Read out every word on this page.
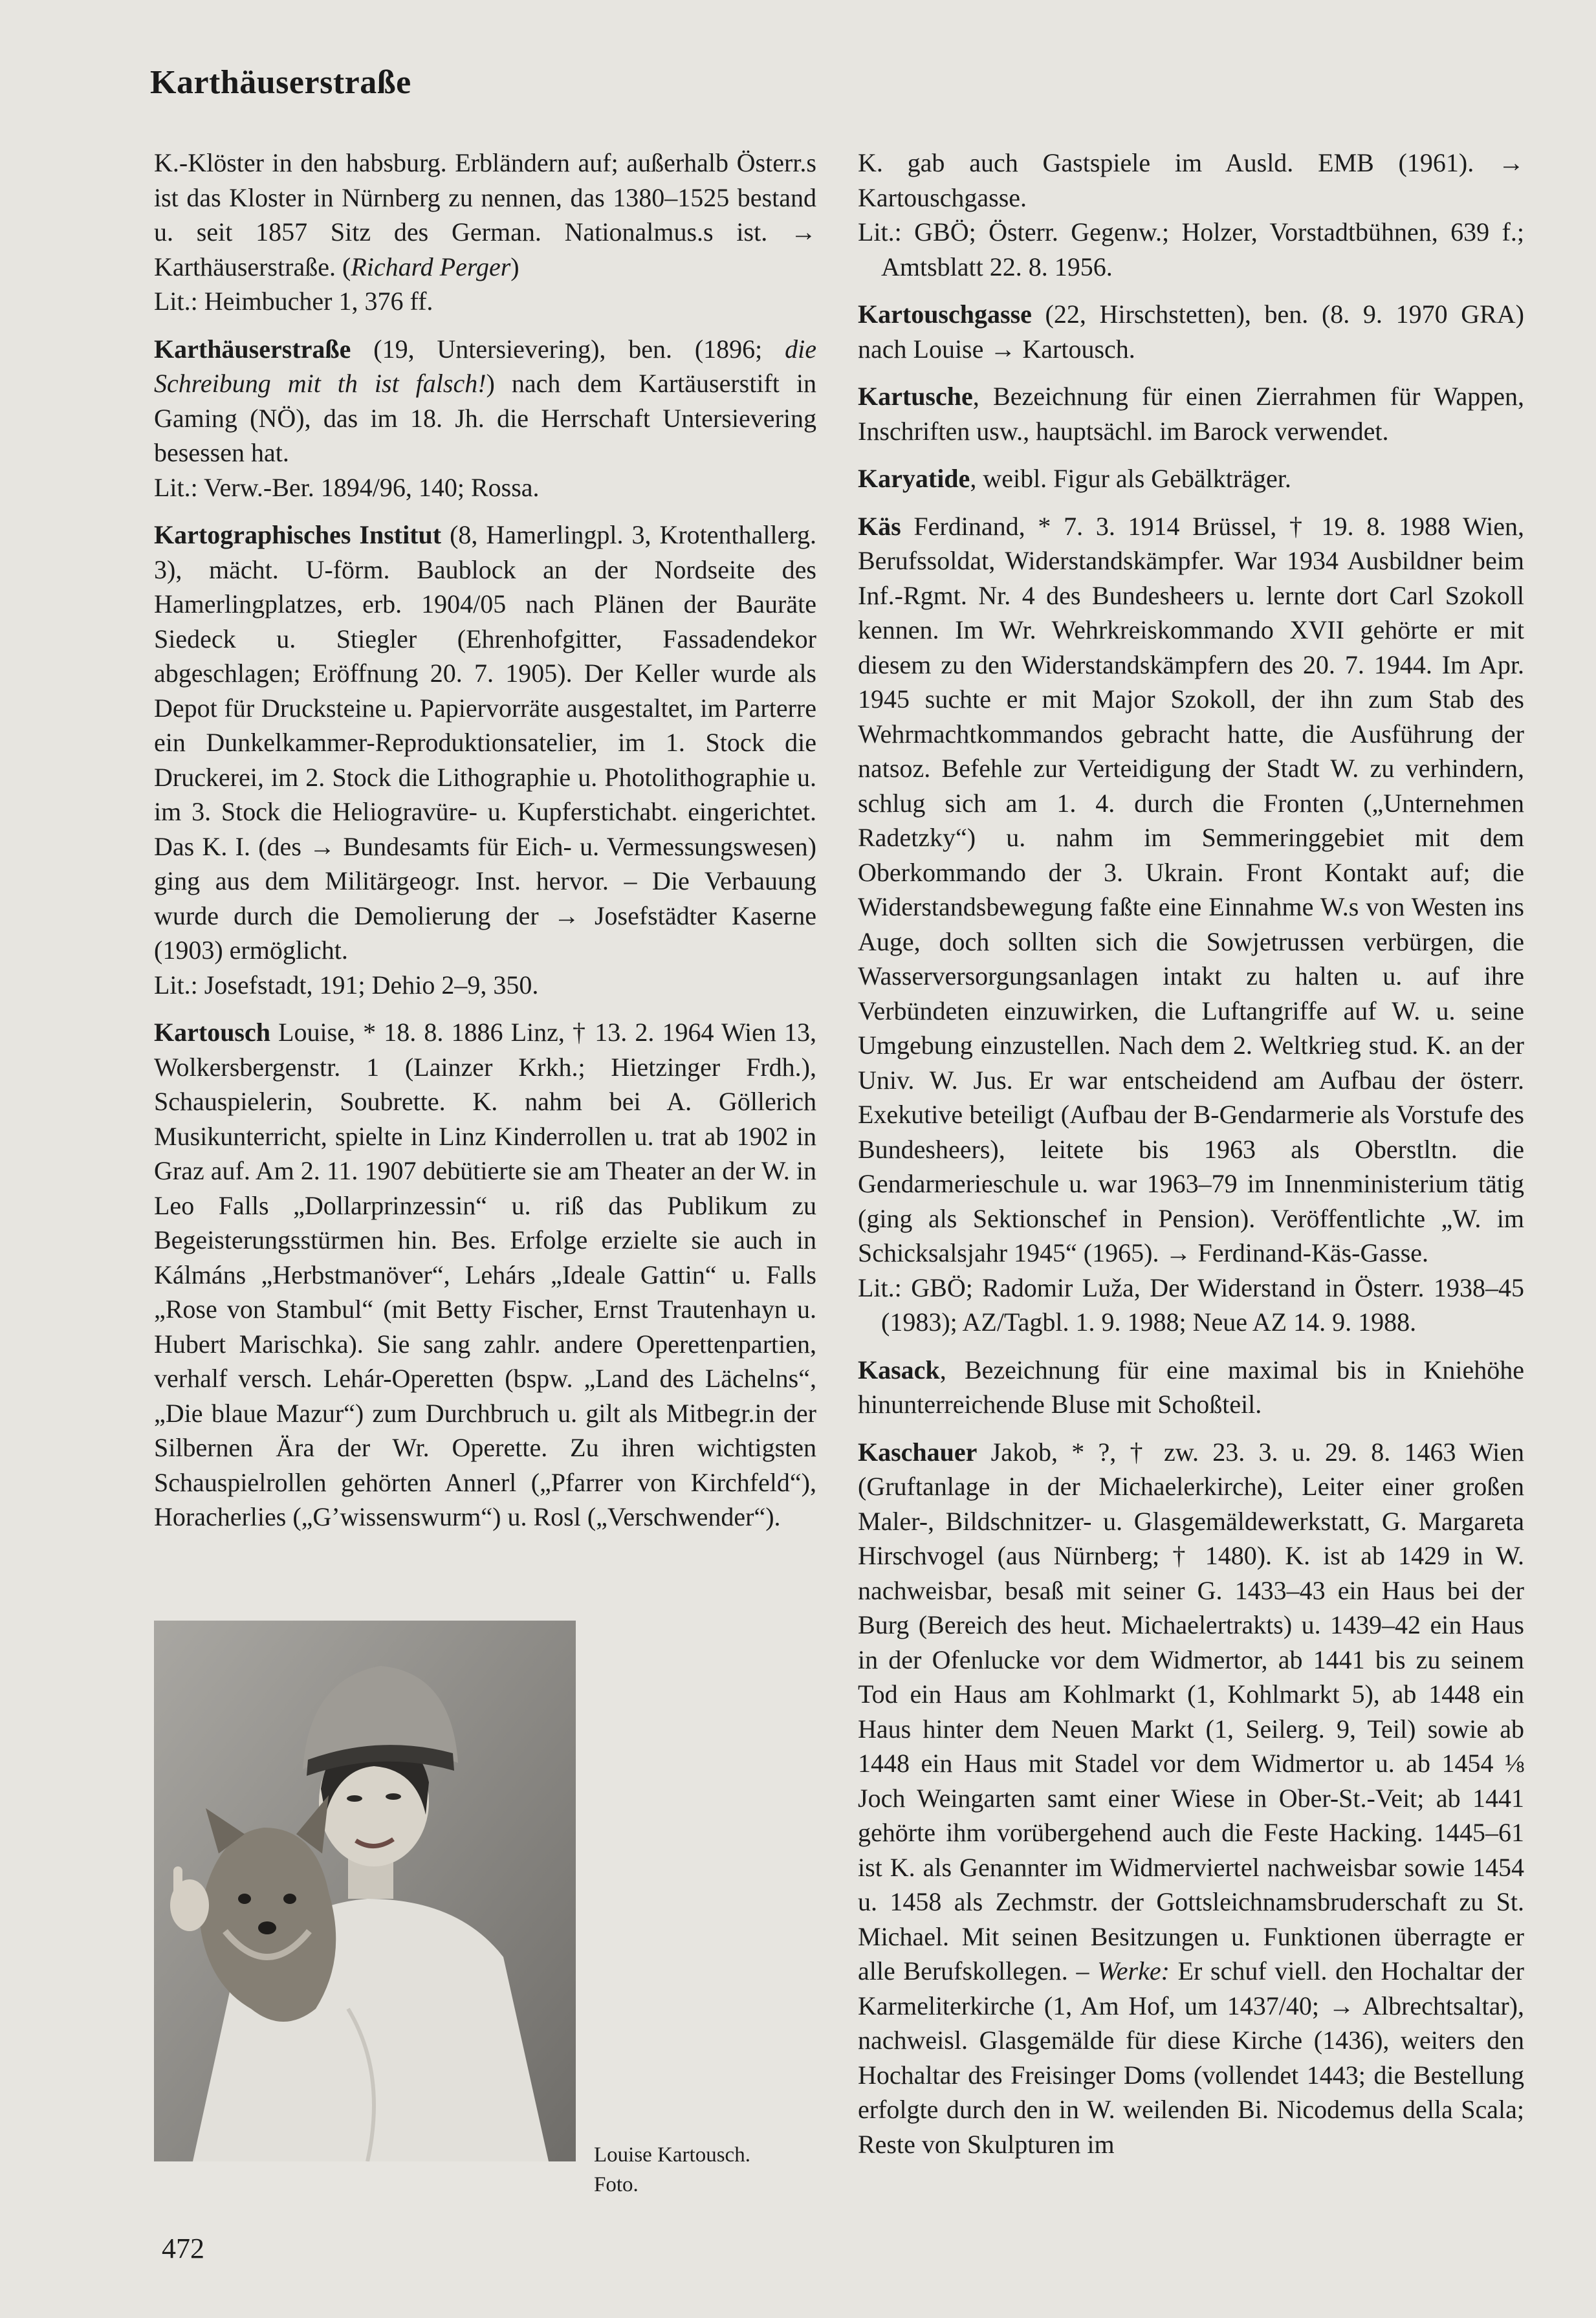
Karthäuserstraße

K.-Klöster in den habsburg. Erbländern auf; außerhalb Österr.s ist das Kloster in Nürnberg zu nennen, das 1380–1525 bestand u. seit 1857 Sitz des German. Nationalmus.s ist. → Karthäuserstraße. (Richard Perger)

Lit.: Heimbucher 1, 376 ff.

Karthäuserstraße (19, Untersievering), ben. (1896; die Schreibung mit th ist falsch!) nach dem Kartäuserstift in Gaming (NÖ), das im 18. Jh. die Herrschaft Untersievering besessen hat.

Lit.: Verw.-Ber. 1894/96, 140; Rossa.

Kartographisches Institut (8, Hamerlingpl. 3, Krotenthallerg. 3), mächt. U-förm. Baublock an der Nordseite des Hamerlingplatzes, erb. 1904/05 nach Plänen der Bauräte Siedeck u. Stiegler (Ehrenhofgitter, Fassadendekor abgeschlagen; Eröffnung 20. 7. 1905). Der Keller wurde als Depot für Drucksteine u. Papiervorräte ausgestaltet, im Parterre ein Dunkelkammer-Reproduktionsatelier, im 1. Stock die Druckerei, im 2. Stock die Lithographie u. Photolithographie u. im 3. Stock die Heliogravüre- u. Kupferstichabt. eingerichtet. Das K. I. (des → Bundesamts für Eich- u. Vermessungswesen) ging aus dem Militärgeogr. Inst. hervor. – Die Verbauung wurde durch die Demolierung der → Josefstädter Kaserne (1903) ermöglicht.

Lit.: Josefstadt, 191; Dehio 2–9, 350.

Kartousch Louise, * 18. 8. 1886 Linz, † 13. 2. 1964 Wien 13, Wolkersbergenstr. 1 (Lainzer Krkh.; Hietzinger Frdh.), Schauspielerin, Soubrette. K. nahm bei A. Göllerich Musikunterricht, spielte in Linz Kinderrollen u. trat ab 1902 in Graz auf. Am 2. 11. 1907 debütierte sie am Theater an der W. in Leo Falls „Dollarprinzessin“ u. riß das Publikum zu Begeisterungsstürmen hin. Bes. Erfolge erzielte sie auch in Kálmáns „Herbstmanöver“, Lehárs „Ideale Gattin“ u. Falls „Rose von Stambul“ (mit Betty Fischer, Ernst Trautenhayn u. Hubert Marischka). Sie sang zahlr. andere Operettenpartien, verhalf versch. Lehár-Operetten (bspw. „Land des Lächelns“, „Die blaue Mazur“) zum Durchbruch u. gilt als Mitbegr.in der Silbernen Ära der Wr. Operette. Zu ihren wichtigsten Schauspielrollen gehörten Annerl („Pfarrer von Kirchfeld“), Horacherlies („G’wissenswurm“) u. Rosl („Verschwender“).

Louise Kartousch.
Foto.

K. gab auch Gastspiele im Ausld. EMB (1961). → Kartouschgasse.

Lit.: GBÖ; Österr. Gegenw.; Holzer, Vorstadtbühnen, 639 f.; Amtsblatt 22. 8. 1956.

Kartouschgasse (22, Hirschstetten), ben. (8. 9. 1970 GRA) nach Louise → Kartousch.

Kartusche, Bezeichnung für einen Zierrahmen für Wappen, Inschriften usw., hauptsächl. im Barock verwendet.

Karyatide, weibl. Figur als Gebälkträger.

Käs Ferdinand, * 7. 3. 1914 Brüssel, † 19. 8. 1988 Wien, Berufssoldat, Widerstandskämpfer. War 1934 Ausbildner beim Inf.-Rgmt. Nr. 4 des Bundesheers u. lernte dort Carl Szokoll kennen. Im Wr. Wehrkreiskommando XVII gehörte er mit diesem zu den Widerstandskämpfern des 20. 7. 1944. Im Apr. 1945 suchte er mit Major Szokoll, der ihn zum Stab des Wehrmachtkommandos gebracht hatte, die Ausführung der natsoz. Befehle zur Verteidigung der Stadt W. zu verhindern, schlug sich am 1. 4. durch die Fronten („Unternehmen Radetzky“) u. nahm im Semmeringgebiet mit dem Oberkommando der 3. Ukrain. Front Kontakt auf; die Widerstandsbewegung faßte eine Einnahme W.s von Westen ins Auge, doch sollten sich die Sowjetrussen verbürgen, die Wasserversorgungsanlagen intakt zu halten u. auf ihre Verbündeten einzuwirken, die Luftangriffe auf W. u. seine Umgebung einzustellen. Nach dem 2. Weltkrieg stud. K. an der Univ. W. Jus. Er war entscheidend am Aufbau der österr. Exekutive beteiligt (Aufbau der B-Gendarmerie als Vorstufe des Bundesheers), leitete bis 1963 als Oberstltn. die Gendarmerieschule u. war 1963–79 im Innenministerium tätig (ging als Sektionschef in Pension). Veröffentlichte „W. im Schicksalsjahr 1945“ (1965). → Ferdinand-Käs-Gasse.

Lit.: GBÖ; Radomir Luža, Der Widerstand in Österr. 1938–45 (1983); AZ/Tagbl. 1. 9. 1988; Neue AZ 14. 9. 1988.

Kasack, Bezeichnung für eine maximal bis in Kniehöhe hinunterreichende Bluse mit Schoßteil.

Kaschauer Jakob, * ?, † zw. 23. 3. u. 29. 8. 1463 Wien (Gruftanlage in der Michaelerkirche), Leiter einer großen Maler-, Bildschnitzer- u. Glasgemäldewerkstatt, G. Margareta Hirschvogel (aus Nürnberg; † 1480). K. ist ab 1429 in W. nachweisbar, besaß mit seiner G. 1433–43 ein Haus bei der Burg (Bereich des heut. Michaelertrakts) u. 1439–42 ein Haus in der Ofenlucke vor dem Widmertor, ab 1441 bis zu seinem Tod ein Haus am Kohlmarkt (1, Kohlmarkt 5), ab 1448 ein Haus hinter dem Neuen Markt (1, Seilerg. 9, Teil) sowie ab 1448 ein Haus mit Stadel vor dem Widmertor u. ab 1454 ⅛ Joch Weingarten samt einer Wiese in Ober-St.-Veit; ab 1441 gehörte ihm vorübergehend auch die Feste Hacking. 1445–61 ist K. als Genannter im Widmerviertel nachweisbar sowie 1454 u. 1458 als Zechmstr. der Gottsleichnamsbruderschaft zu St. Michael. Mit seinen Besitzungen u. Funktionen überragte er alle Berufskollegen. – Werke: Er schuf viell. den Hochaltar der Karmeliterkirche (1, Am Hof, um 1437/40; → Albrechtsaltar), nachweisl. Glasgemälde für diese Kirche (1436), weiters den Hochaltar des Freisinger Doms (vollendet 1443; die Bestellung erfolgte durch den in W. weilenden Bi. Nicodemus della Scala; Reste von Skulpturen im

472
